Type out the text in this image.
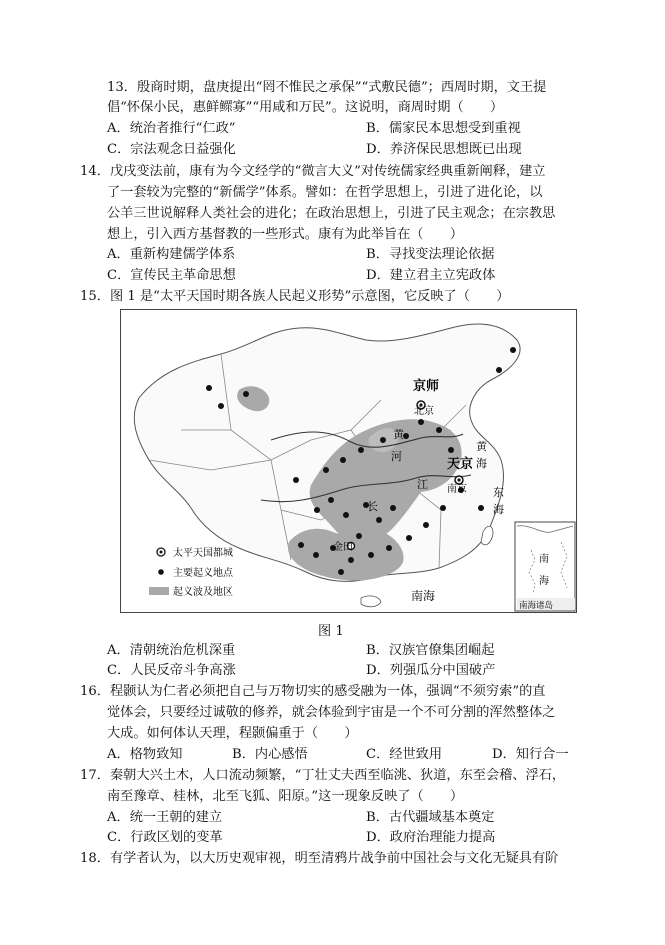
13．殷商时期，盘庚提出“罔不惟民之承保”“式敷民德”；西周时期，文王提
倡“怀保小民，惠鲜鳏寡”“用咸和万民”。这说明，商周时期（　　）
A．统治者推行“仁政”	B．儒家民本思想受到重视
C．宗法观念日益强化	D．养济保民思想既已出现
14．戊戌变法前，康有为今文经学的“微言大义”对传统儒家经典重新阐释，建立
了一套较为完整的“新儒学”体系。譬如：在哲学思想上，引进了进化论，以
公羊三世说解释人类社会的进化；在政治思想上，引进了民主观念；在宗教思
想上，引入西方基督教的一些形式。康有为此举旨在（　　）
A．重新构建儒学体系	B．寻找变法理论依据
C．宣传民主革命思想	D．建立君主立宪政体
15．图 1 是“太平天国时期各族人民起义形势”示意图，它反映了（　　）
京师
北京
天京
南京
金田
黄
河
江
长
黄
海
东
海
南海
太平天国都城
主要起义地点
起义波及地区
南
海
南海诸岛
图 1
A．清朝统治危机深重	B．汉族官僚集团崛起
C．人民反帝斗争高涨	D．列强瓜分中国破产
16．程颢认为仁者必须把自己与万物切实的感受融为一体，强调“不须穷索”的直
觉体会，只要经过诚敬的修养，就会体验到宇宙是一个不可分割的浑然整体之
大成。如何体认天理，程颢偏重于（　　）
A．格物致知	B．内心感悟	C．经世致用	D．知行合一
17．秦朝大兴土木，人口流动频繁，“丁壮丈夫西至临洮、狄道，东至会稽、浮石，
南至豫章、桂林，北至飞狐、阳原。”这一现象反映了（　　）
A．统一王朝的建立	B．古代疆域基本奠定
C．行政区划的变革	D．政府治理能力提高
18．有学者认为，以大历史观审视，明至清鸦片战争前中国社会与文化无疑具有阶
